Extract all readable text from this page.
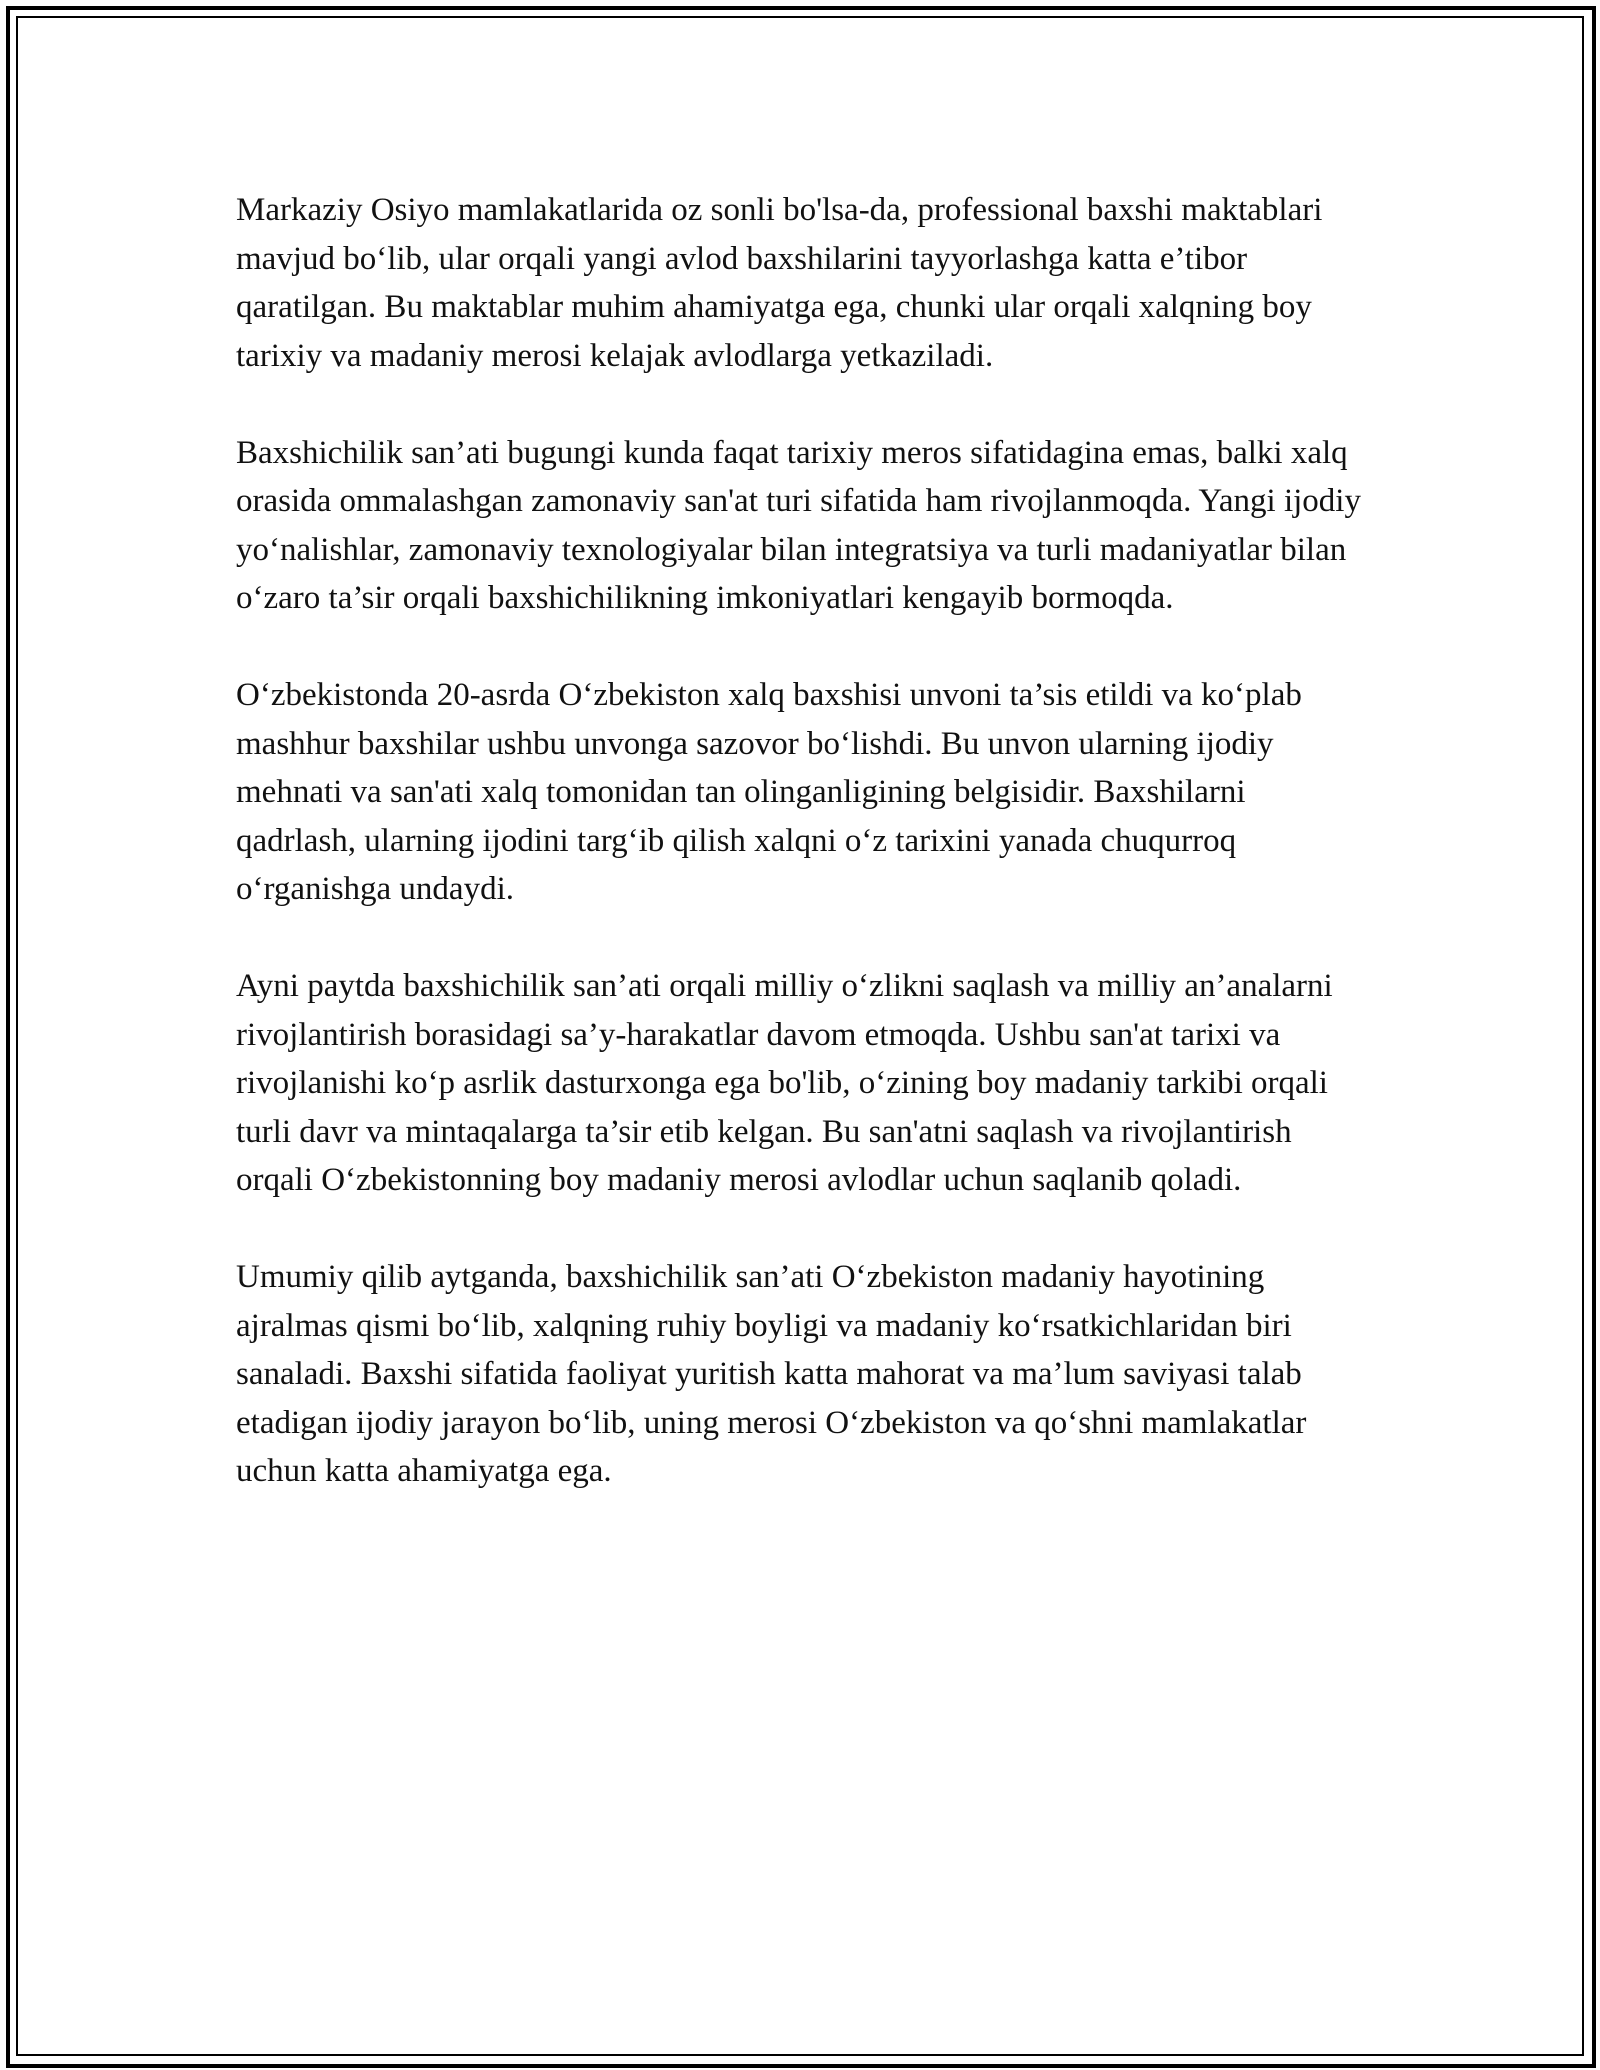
Markaziy Osiyo mamlakatlarida oz sonli bo'lsa-da, professional baxshi maktablari mavjud bo‘lib, ular orqali yangi avlod baxshilarini tayyorlashga katta e’tibor qaratilgan. Bu maktablar muhim ahamiyatga ega, chunki ular orqali xalqning boy tarixiy va madaniy merosi kelajak avlodlarga yetkaziladi.

Baxshichilik san’ati bugungi kunda faqat tarixiy meros sifatidagina emas, balki xalq orasida ommalashgan zamonaviy san'at turi sifatida ham rivojlanmoqda. Yangi ijodiy yo‘nalishlar, zamonaviy texnologiyalar bilan integratsiya va turli madaniyatlar bilan o‘zaro ta’sir orqali baxshichilikning imkoniyatlari kengayib bormoqda.

O‘zbekistonda 20-asrda O‘zbekiston xalq baxshisi unvoni ta’sis etildi va ko‘plab mashhur baxshilar ushbu unvonga sazovor bo‘lishdi. Bu unvon ularning ijodiy mehnati va san'ati xalq tomonidan tan olinganligining belgisidir. Baxshilarni qadrlash, ularning ijodini targ‘ib qilish xalqni o‘z tarixini yanada chuqurroq o‘rganishga undaydi.

Ayni paytda baxshichilik san’ati orqali milliy o‘zlikni saqlash va milliy an’analarni rivojlantirish borasidagi sa’y-harakatlar davom etmoqda. Ushbu san'at tarixi va rivojlanishi ko‘p asrlik dasturxonga ega bo'lib, o‘zining boy madaniy tarkibi orqali turli davr va mintaqalarga ta’sir etib kelgan. Bu san'atni saqlash va rivojlantirish orqali O‘zbekistonning boy madaniy merosi avlodlar uchun saqlanib qoladi.

Umumiy qilib aytganda, baxshichilik san’ati O‘zbekiston madaniy hayotining ajralmas qismi bo‘lib, xalqning ruhiy boyligi va madaniy ko‘rsatkichlaridan biri sanaladi. Baxshi sifatida faoliyat yuritish katta mahorat va ma’lum saviyasi talab etadigan ijodiy jarayon bo‘lib, uning merosi O‘zbekiston va qo‘shni mamlakatlar uchun katta ahamiyatga ega.
